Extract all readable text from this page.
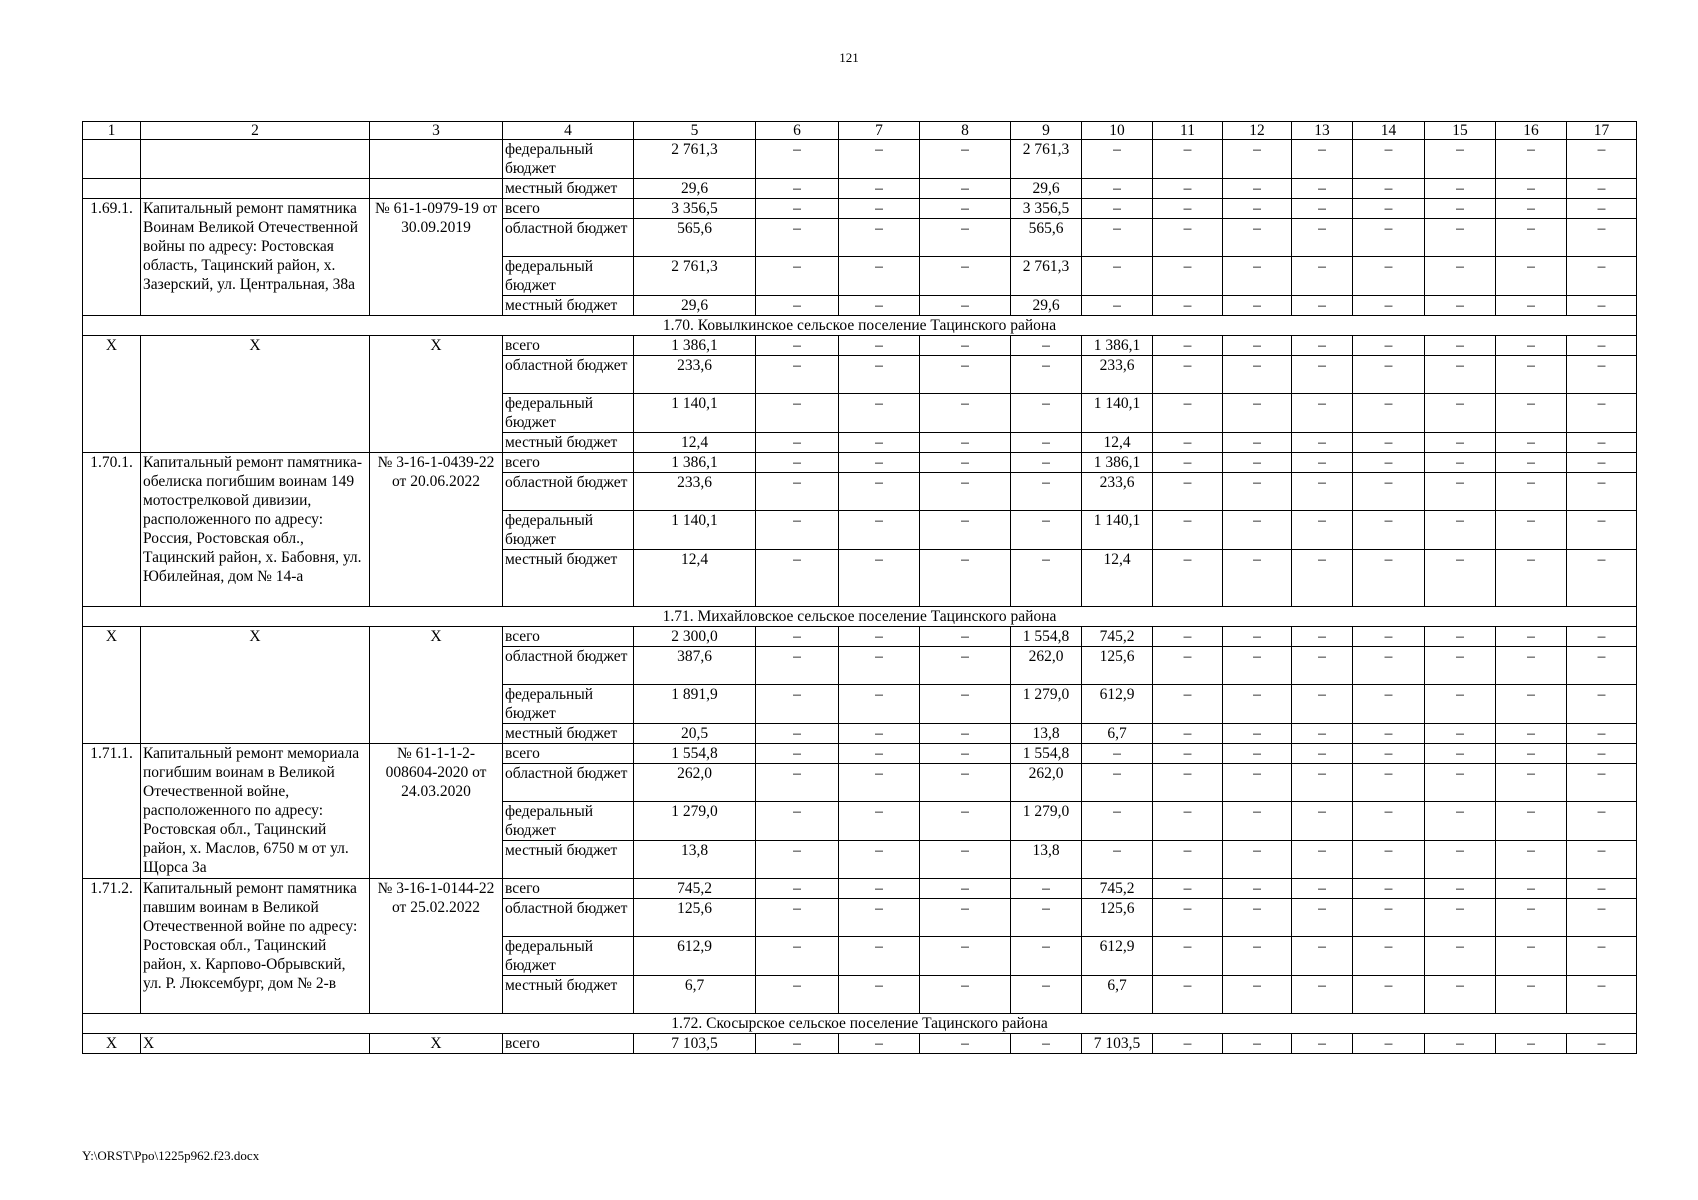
121
1	2	3	4	5	6	7	8	9	10	11	12	13	14	15	16	17
			федеральный бюджет	2 761,3	–	–	–	2 761,3	–	–	–	–	–	–	–	–
			местный бюджет	29,6	–	–	–	29,6	–	–	–	–	–	–	–	–
1.69.1.	Капитальный ремонт памятника Воинам Великой Отечественной войны по адресу: Ростовская область, Тацинский район, х. Зазерский, ул. Центральная, 38а	№ 61-1-0979-19 от 30.09.2019	всего	3 356,5	–	–	–	3 356,5	–	–	–	–	–	–	–	–
			областной бюджет	565,6	–	–	–	565,6	–	–	–	–	–	–	–	–
			федеральный бюджет	2 761,3	–	–	–	2 761,3	–	–	–	–	–	–	–	–
			местный бюджет	29,6	–	–	–	29,6	–	–	–	–	–	–	–	–
1.70. Ковылкинское сельское поселение Тацинского района																
Х	Х	Х	всего	1 386,1	–	–	–	–	1 386,1	–	–	–	–	–	–	–
			областной бюджет	233,6	–	–	–	–	233,6	–	–	–	–	–	–	–
			федеральный бюджет	1 140,1	–	–	–	–	1 140,1	–	–	–	–	–	–	–
			местный бюджет	12,4	–	–	–	–	12,4	–	–	–	–	–	–	–
1.70.1.	Капитальный ремонт памятника-обелиска погибшим воинам 149 мотострелковой дивизии, расположенного по адресу: Россия, Ростовская обл., Тацинский район, х. Бабовня, ул. Юбилейная, дом № 14-а	№ 3-16-1-0439-22 от 20.06.2022	всего	1 386,1	–	–	–	–	1 386,1	–	–	–	–	–	–	–
			областной бюджет	233,6	–	–	–	–	233,6	–	–	–	–	–	–	–
			федеральный бюджет	1 140,1	–	–	–	–	1 140,1	–	–	–	–	–	–	–
			местный бюджет	12,4	–	–	–	–	12,4	–	–	–	–	–	–	–
1.71. Михайловское сельское поселение Тацинского района																
Х	Х	Х	всего	2 300,0	–	–	–	1 554,8	745,2	–	–	–	–	–	–	–
			областной бюджет	387,6	–	–	–	262,0	125,6	–	–	–	–	–	–	–
			федеральный бюджет	1 891,9	–	–	–	1 279,0	612,9	–	–	–	–	–	–	–
			местный бюджет	20,5	–	–	–	13,8	6,7	–	–	–	–	–	–	–
1.71.1.	Капитальный ремонт мемориала погибшим воинам в Великой Отечественной войне, расположенного по адресу: Ростовская обл., Тацинский район, х. Маслов, 6750 м от ул. Щорса 3а	№ 61-1-1-2-008604-2020 от 24.03.2020	всего	1 554,8	–	–	–	1 554,8	–	–	–	–	–	–	–	–
			областной бюджет	262,0	–	–	–	262,0	–	–	–	–	–	–	–	–
			федеральный бюджет	1 279,0	–	–	–	1 279,0	–	–	–	–	–	–	–	–
			местный бюджет	13,8	–	–	–	13,8	–	–	–	–	–	–	–	–
1.71.2.	Капитальный ремонт памятника павшим воинам в Великой Отечественной войне по адресу: Ростовская обл., Тацинский район, х. Карпово-Обрывский, ул. Р. Люксембург, дом № 2-в	№ 3-16-1-0144-22 от 25.02.2022	всего	745,2	–	–	–	–	745,2	–	–	–	–	–	–	–
			областной бюджет	125,6	–	–	–	–	125,6	–	–	–	–	–	–	–
			федеральный бюджет	612,9	–	–	–	–	612,9	–	–	–	–	–	–	–
			местный бюджет	6,7	–	–	–	–	6,7	–	–	–	–	–	–	–
1.72. Скосырское сельское поселение Тацинского района																
Х	Х	Х	всего	7 103,5	–	–	–	–	7 103,5	–	–	–	–	–	–	–
Y:\ORST\Ppo\1225p962.f23.docx
